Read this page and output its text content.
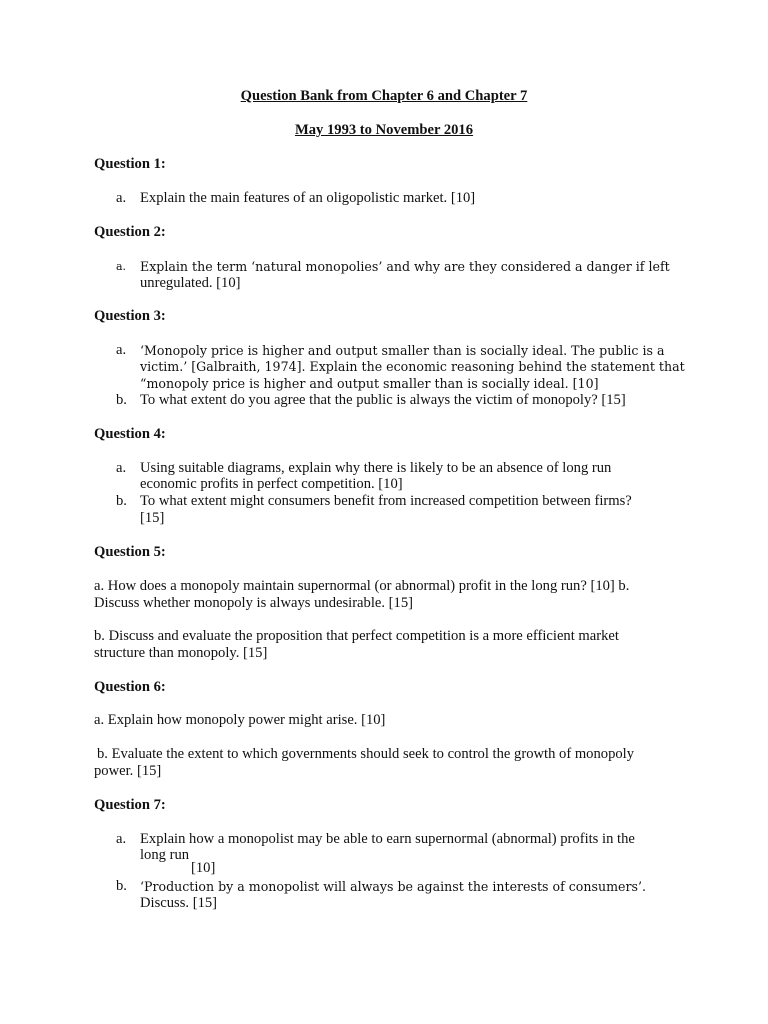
Question Bank from Chapter 6 and Chapter 7
May 1993 to November 2016
Question 1:
a. Explain the main features of an oligopolistic market. [10]
Question 2:
a.	Explain the term ‘natural monopolies’ and why are they considered a danger if left
unregulated. [10]
Question 3:
a.	‘Monopoly price is higher and output smaller than is socially ideal. The public is a
victim.’ [Galbraith, 1974]. Explain the economic reasoning behind the statement that
“monopoly price is higher and output smaller than is socially ideal. [10]
b. To what extent do you agree that the public is always the victim of monopoly? [15]
Question 4:
a. Using suitable diagrams, explain why there is likely to be an absence of long run
economic profits in perfect competition. [10]
b. To what extent might consumers benefit from increased competition between firms?
[15]
Question 5:
a. How does a monopoly maintain supernormal (or abnormal) profit in the long run? [10] b.
Discuss whether monopoly is always undesirable. [15]
b. Discuss and evaluate the proposition that perfect competition is a more efficient market
structure than monopoly. [15]
Question 6:
a. Explain how monopoly power might arise. [10]
b. Evaluate the extent to which governments should seek to control the growth of monopoly
power. [15]
Question 7:
a. Explain how a monopolist may be able to earn supernormal (abnormal) profits in the
long run
[10]
b.	‘Production by a monopolist will always be against the interests of consumers’.
Discuss. [15]
